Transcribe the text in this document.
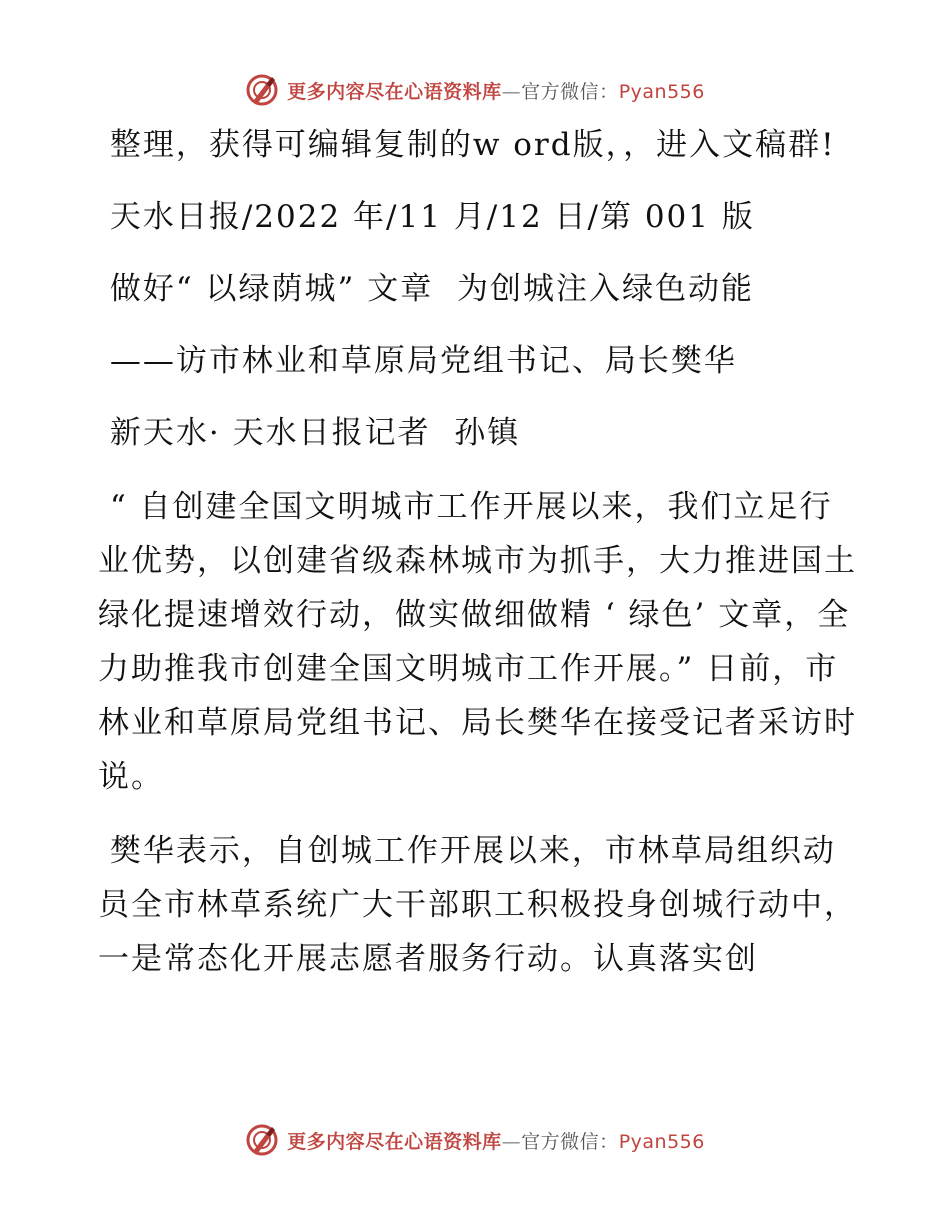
更多内容尽在心语资料库—官方微信：Pyan556

整理，获得可编辑复制的w ord版，，进入文稿群!

天水日报/2022 年/11 月/12 日/第 001 版

做好“ 以绿荫城” 文章  为创城注入绿色动能

——访市林业和草原局党组书记、局长樊华

新天水· 天水日报记者  孙镇

“ 自创建全国文明城市工作开展以来，我们立足行业优势，以创建省级森林城市为抓手，大力推进国土绿化提速增效行动，做实做细做精 ‘ 绿色’ 文章，全力助推我市创建全国文明城市工作开展。” 日前，市林业和草原局党组书记、局长樊华在接受记者采访时说。

樊华表示，自创城工作开展以来，市林草局组织动员全市林草系统广大干部职工积极投身创城行动中，一是常态化开展志愿者服务行动。认真落实创

更多内容尽在心语资料库—官方微信：Pyan556
